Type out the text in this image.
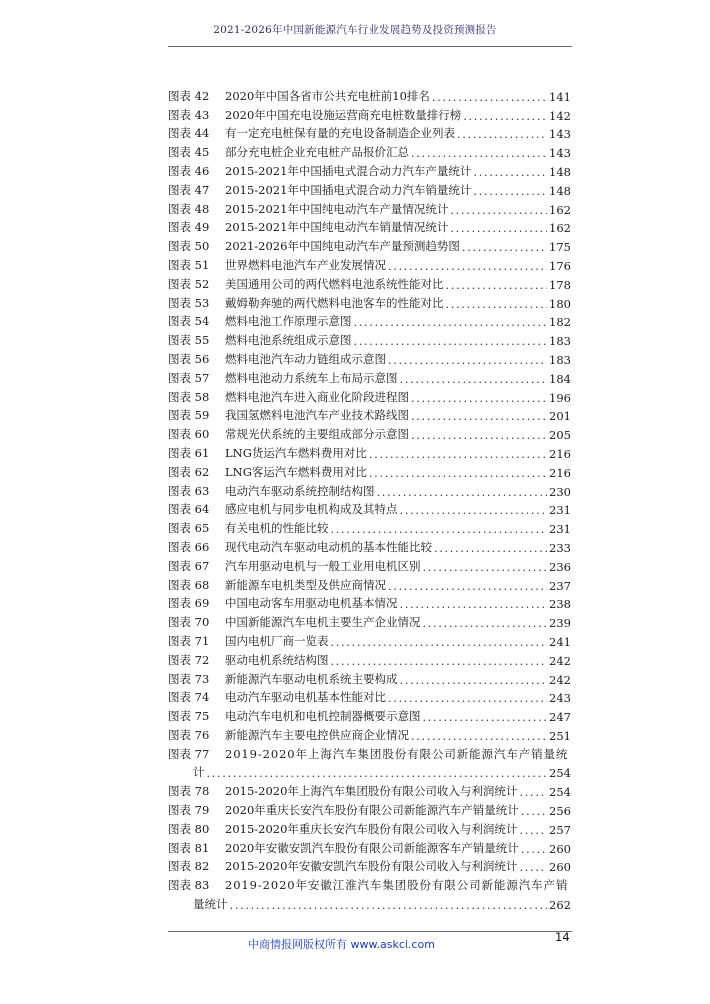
2021-2026年中国新能源汽车行业发展趋势及投资预测报告
图表 42	2020年中国各省市公共充电桩前10排名 .....	141
图表 43	2020年中国充电设施运营商充电桩数量排行榜 .....	142
图表 44	有一定充电桩保有量的充电设备制造企业列表 .....	143
图表 45	部分充电桩企业充电桩产品报价汇总 .....	143
图表 46	2015-2021年中国插电式混合动力汽车产量统计 .....	148
图表 47	2015-2021年中国插电式混合动力汽车销量统计 .....	148
图表 48	2015-2021年中国纯电动汽车产量情况统计 .....	162
图表 49	2015-2021年中国纯电动汽车销量情况统计 .....	162
图表 50	2021-2026年中国纯电动汽车产量预测趋势图 .....	175
图表 51	世界燃料电池汽车产业发展情况 .....	176
图表 52	美国通用公司的两代燃料电池系统性能对比 .....	178
图表 53	戴姆勒奔驰的两代燃料电池客车的性能对比 .....	180
图表 54	燃料电池工作原理示意图 .....	182
图表 55	燃料电池系统组成示意图 .....	183
图表 56	燃料电池汽车动力链组成示意图 .....	183
图表 57	燃料电池动力系统车上布局示意图 .....	184
图表 58	燃料电池汽车进入商业化阶段进程图 .....	196
图表 59	我国氢燃料电池汽车产业技术路线图 .....	201
图表 60	常规光伏系统的主要组成部分示意图 .....	205
图表 61	LNG货运汽车燃料费用对比 .....	216
图表 62	LNG客运汽车燃料费用对比 .....	216
图表 63	电动汽车驱动系统控制结构图 .....	230
图表 64	感应电机与同步电机构成及其特点 .....	231
图表 65	有关电机的性能比较 .....	231
图表 66	现代电动汽车驱动电动机的基本性能比较 .....	233
图表 67	汽车用驱动电机与一般工业用电机区别 .....	236
图表 68	新能源车电机类型及供应商情况 .....	237
图表 69	中国电动客车用驱动电机基本情况 .....	238
图表 70	中国新能源汽车电机主要生产企业情况 .....	239
图表 71	国内电机厂商一览表 .....	241
图表 72	驱动电机系统结构图 .....	242
图表 73	新能源汽车驱动电机系统主要构成 .....	242
图表 74	电动汽车驱动电机基本性能对比 .....	243
图表 75	电动汽车电机和电机控制器概要示意图 .....	247
图表 76	新能源汽车主要电控供应商企业情况 .....	251
图表 77	2019-2020年上海汽车集团股份有限公司新能源汽车产销量统
计 .....	254
图表 78	2015-2020年上海汽车集团股份有限公司收入与利润统计 .....	254
图表 79	2020年重庆长安汽车股份有限公司新能源汽车产销量统计 .....	256
图表 80	2015-2020年重庆长安汽车股份有限公司收入与利润统计 .....	257
图表 81	2020年安徽安凯汽车股份有限公司新能源客车产销量统计 .....	260
图表 82	2015-2020年安徽安凯汽车股份有限公司收入与利润统计 .....	260
图表 83	2019-2020年安徽江淮汽车集团股份有限公司新能源汽车产销
量统计 .....	262
中商情报网版权所有 www.askci.com
14
